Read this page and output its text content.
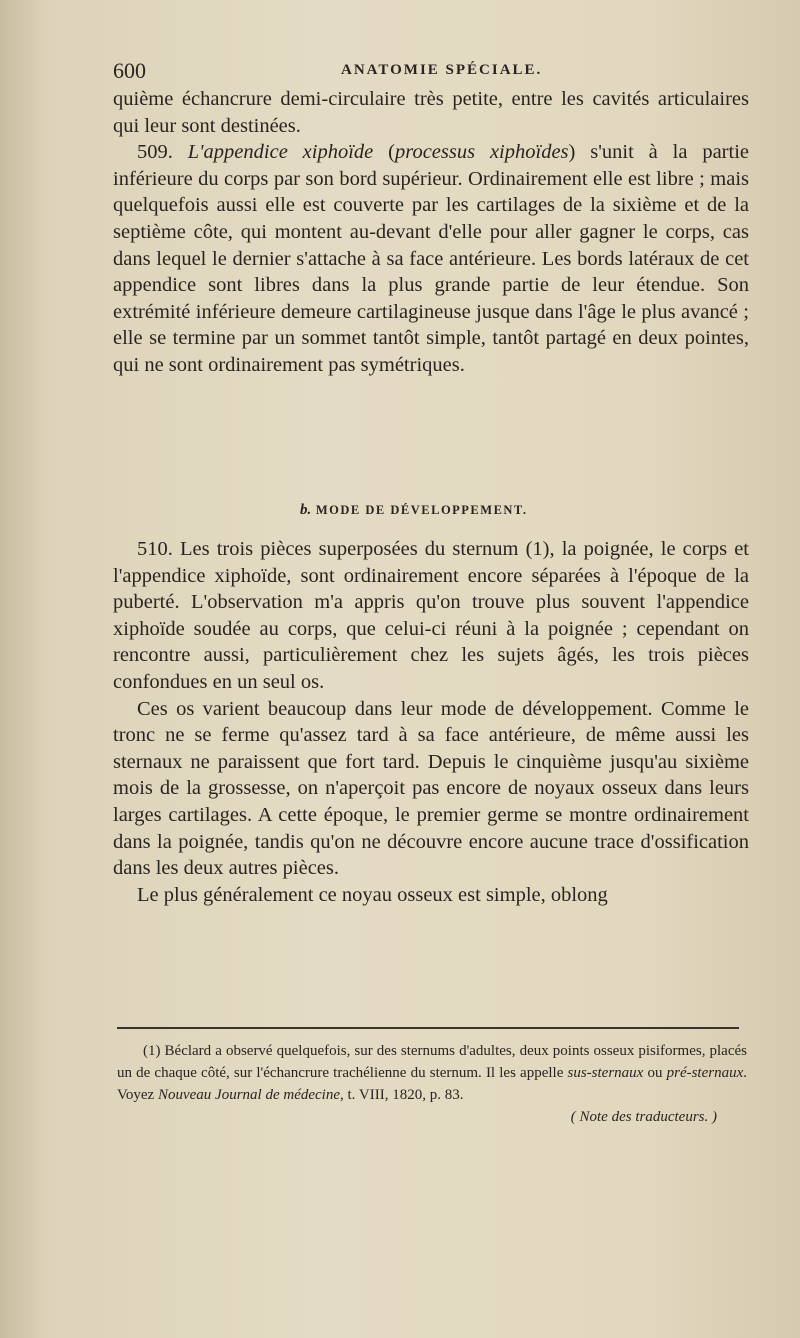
600	ANATOMIE SPÉCIALE.

quième échancrure demi-circulaire très petite, entre les cavités articulaires qui leur sont destinées.

509. L'appendice xiphoïde (processus xiphoïdes) s'unit à la partie inférieure du corps par son bord supérieur. Ordinairement elle est libre ; mais quelquefois aussi elle est couverte par les cartilages de la sixième et de la septième côte, qui montent au-devant d'elle pour aller gagner le corps, cas dans lequel le dernier s'attache à sa face antérieure. Les bords latéraux de cet appendice sont libres dans la plus grande partie de leur étendue. Son extrémité inférieure demeure cartilagineuse jusque dans l'âge le plus avancé ; elle se termine par un sommet tantôt simple, tantôt partagé en deux pointes, qui ne sont ordinairement pas symétriques.

b. MODE DE DÉVELOPPEMENT.

510. Les trois pièces superposées du sternum (1), la poignée, le corps et l'appendice xiphoïde, sont ordinairement encore séparées à l'époque de la puberté. L'observation m'a appris qu'on trouve plus souvent l'appendice xiphoïde soudée au corps, que celui-ci réuni à la poignée ; cependant on rencontre aussi, particulièrement chez les sujets âgés, les trois pièces confondues en un seul os.

Ces os varient beaucoup dans leur mode de développement. Comme le tronc ne se ferme qu'assez tard à sa face antérieure, de même aussi les sternaux ne paraissent que fort tard. Depuis le cinquième jusqu'au sixième mois de la grossesse, on n'aperçoit pas encore de noyaux osseux dans leurs larges cartilages. A cette époque, le premier germe se montre ordinairement dans la poignée, tandis qu'on ne découvre encore aucune trace d'ossification dans les deux autres pièces.

Le plus généralement ce noyau osseux est simple, oblong

(1) Béclard a observé quelquefois, sur des sternums d'adultes, deux points osseux pisiformes, placés un de chaque côté, sur l'échancrure trachélienne du sternum. Il les appelle sus-sternaux ou pré-sternaux. Voyez Nouveau Journal de médecine, t. VIII, 1820, p. 83.

( Note des traducteurs. )
